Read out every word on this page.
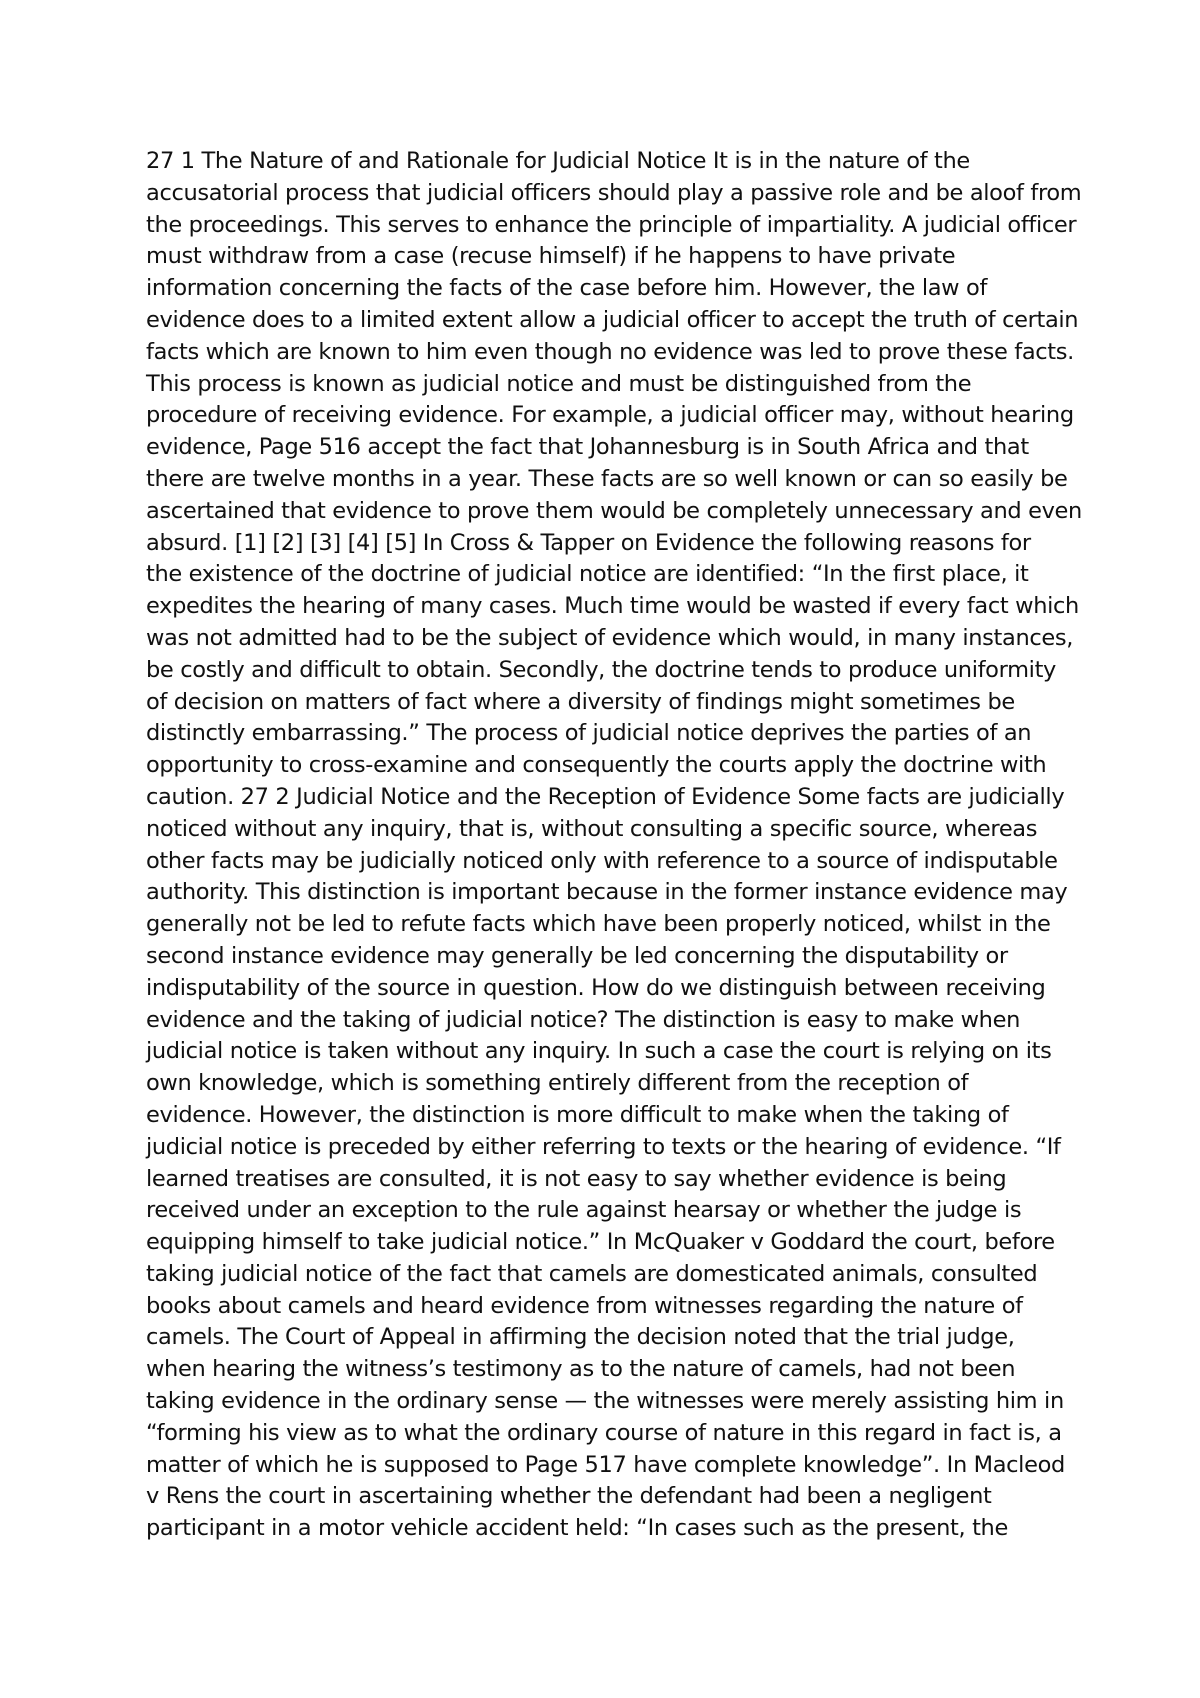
27 1 The Nature of and Rationale for Judicial Notice It is in the nature of the
accusatorial process that judicial officers should play a passive role and be aloof from
the proceedings. This serves to enhance the principle of impartiality. A judicial officer
must withdraw from a case (recuse himself) if he happens to have private
information concerning the facts of the case before him. However, the law of
evidence does to a limited extent allow a judicial officer to accept the truth of certain
facts which are known to him even though no evidence was led to prove these facts.
This process is known as judicial notice and must be distinguished from the
procedure of receiving evidence. For example, a judicial officer may, without hearing
evidence, Page 516 accept the fact that Johannesburg is in South Africa and that
there are twelve months in a year. These facts are so well known or can so easily be
ascertained that evidence to prove them would be completely unnecessary and even
absurd. [1] [2] [3] [4] [5] In Cross & Tapper on Evidence the following reasons for
the existence of the doctrine of judicial notice are identified: “In the first place, it
expedites the hearing of many cases. Much time would be wasted if every fact which
was not admitted had to be the subject of evidence which would, in many instances,
be costly and difficult to obtain. Secondly, the doctrine tends to produce uniformity
of decision on matters of fact where a diversity of findings might sometimes be
distinctly embarrassing.” The process of judicial notice deprives the parties of an
opportunity to cross-examine and consequently the courts apply the doctrine with
caution. 27 2 Judicial Notice and the Reception of Evidence Some facts are judicially
noticed without any inquiry, that is, without consulting a specific source, whereas
other facts may be judicially noticed only with reference to a source of indisputable
authority. This distinction is important because in the former instance evidence may
generally not be led to refute facts which have been properly noticed, whilst in the
second instance evidence may generally be led concerning the disputability or
indisputability of the source in question. How do we distinguish between receiving
evidence and the taking of judicial notice? The distinction is easy to make when
judicial notice is taken without any inquiry. In such a case the court is relying on its
own knowledge, which is something entirely different from the reception of
evidence. However, the distinction is more difficult to make when the taking of
judicial notice is preceded by either referring to texts or the hearing of evidence. “If
learned treatises are consulted, it is not easy to say whether evidence is being
received under an exception to the rule against hearsay or whether the judge is
equipping himself to take judicial notice.” In McQuaker v Goddard the court, before
taking judicial notice of the fact that camels are domesticated animals, consulted
books about camels and heard evidence from witnesses regarding the nature of
camels. The Court of Appeal in affirming the decision noted that the trial judge,
when hearing the witness’s testimony as to the nature of camels, had not been
taking evidence in the ordinary sense — the witnesses were merely assisting him in
“forming his view as to what the ordinary course of nature in this regard in fact is, a
matter of which he is supposed to Page 517 have complete knowledge”. In Macleod
v Rens the court in ascertaining whether the defendant had been a negligent
participant in a motor vehicle accident held: “In cases such as the present, the
